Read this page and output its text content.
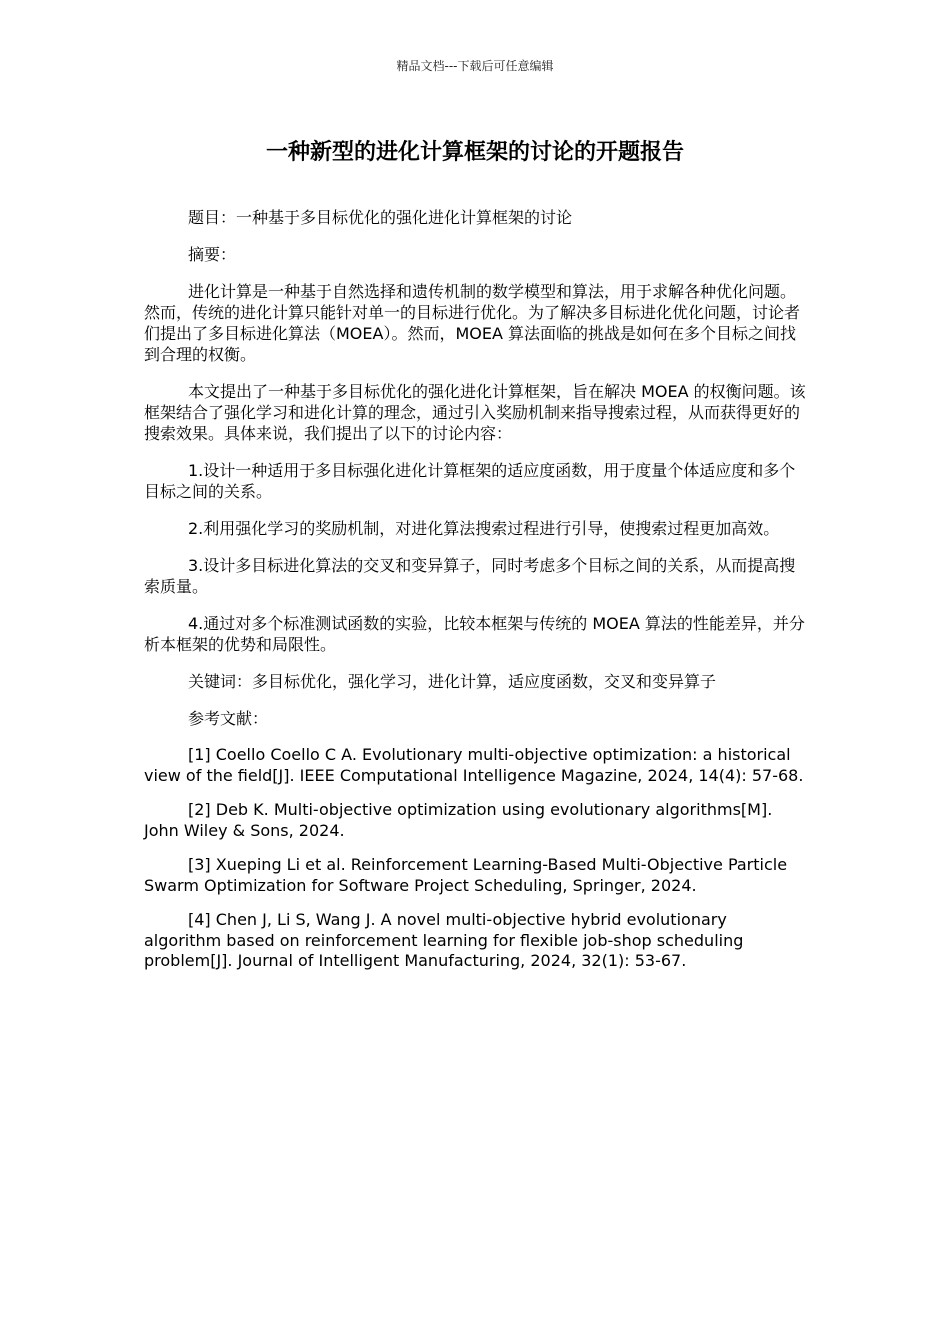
精品文档---下载后可任意编辑
一种新型的进化计算框架的讨论的开题报告

题目：一种基于多目标优化的强化进化计算框架的讨论

摘要：

进化计算是一种基于自然选择和遗传机制的数学模型和算法，用于求解各种优化问题。然而，传统的进化计算只能针对单一的目标进行优化。为了解决多目标进化优化问题，讨论者们提出了多目标进化算法（MOEA）。然而，MOEA 算法面临的挑战是如何在多个目标之间找到合理的权衡。

本文提出了一种基于多目标优化的强化进化计算框架，旨在解决 MOEA 的权衡问题。该框架结合了强化学习和进化计算的理念，通过引入奖励机制来指导搜索过程，从而获得更好的搜索效果。具体来说，我们提出了以下的讨论内容：

1.设计一种适用于多目标强化进化计算框架的适应度函数，用于度量个体适应度和多个目标之间的关系。

2.利用强化学习的奖励机制，对进化算法搜索过程进行引导，使搜索过程更加高效。

3.设计多目标进化算法的交叉和变异算子，同时考虑多个目标之间的关系，从而提高搜索质量。

4.通过对多个标准测试函数的实验，比较本框架与传统的 MOEA 算法的性能差异，并分析本框架的优势和局限性。

关键词：多目标优化，强化学习，进化计算，适应度函数，交叉和变异算子

参考文献：

[1] Coello Coello C A. Evolutionary multi-objective optimization: a historical view of the field[J]. IEEE Computational Intelligence Magazine, 2024, 14(4): 57-68.

[2] Deb K. Multi-objective optimization using evolutionary algorithms[M]. John Wiley & Sons, 2024.

[3] Xueping Li et al. Reinforcement Learning-Based Multi-Objective Particle Swarm Optimization for Software Project Scheduling, Springer, 2024.

[4] Chen J, Li S, Wang J. A novel multi-objective hybrid evolutionary algorithm based on reinforcement learning for flexible job-shop scheduling problem[J]. Journal of Intelligent Manufacturing, 2024, 32(1): 53-67.
